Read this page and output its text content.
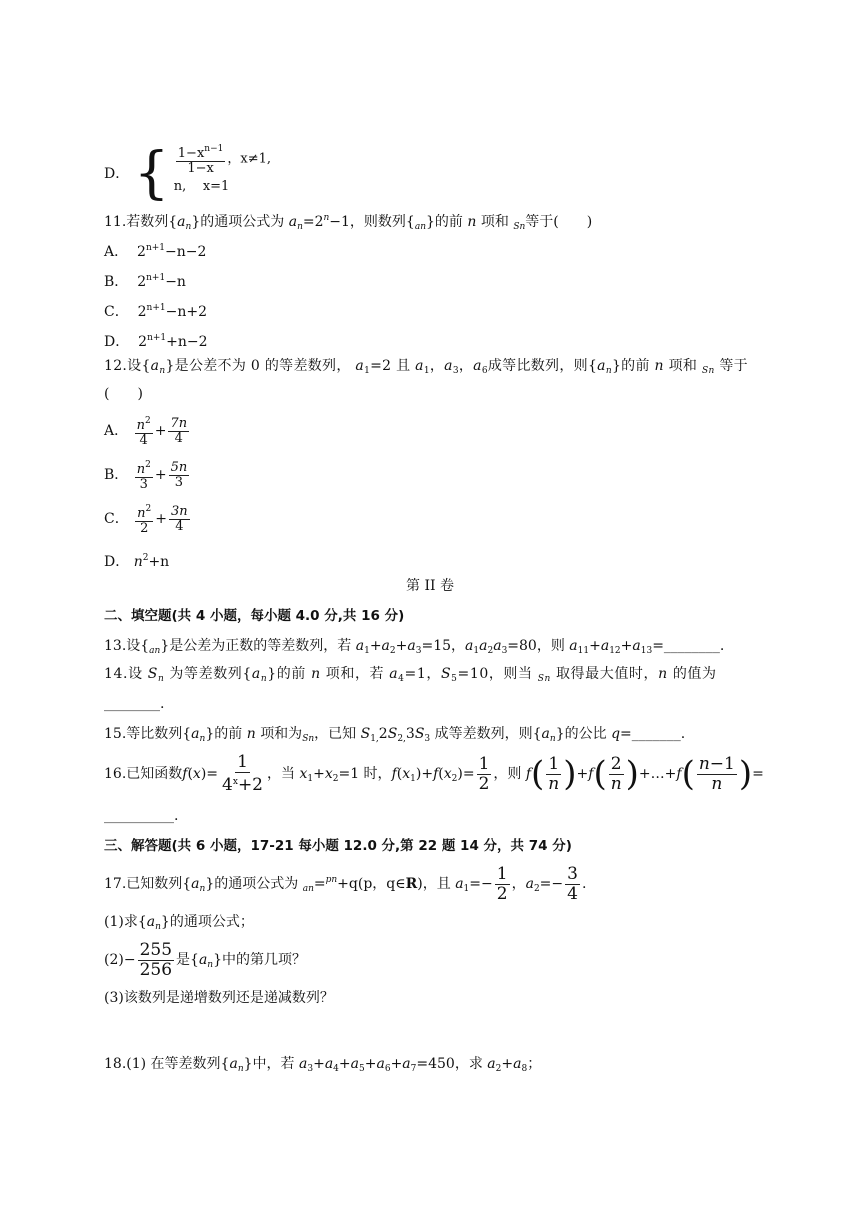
D． { $\frac{1-x^{n-1}}{1-x}$ ，x≠1,
n, x=1
11.若数列$\{a_n\}$的通项公式为 $a_n=2^n-1$，则数列$\{_{an}\}$的前 n 项和 $_{Sn}$等于(　　)
A． $2^{n+1}-n-2$
B． $2^{n+1}-n$
C． $2^{n+1}-n+2$
D． $2^{n+1}+n-2$
12.设$\{a_n\}$是公差不为 0 的等差数列， $a_1=2$ 且 $a_1$，$a_3$，$a_6$成等比数列，则$\{a_n\}$的前 n 项和 $_{Sn}$ 等于
(　　)
A． $\frac{n^2}{4} + \frac{7n}{4}$
B． $\frac{n^2}{3} + \frac{5n}{3}$
C． $\frac{n^2}{2} + \frac{3n}{4}$
D． $n^2+n$
第 II 卷
二、填空题(共 4 小题，每小题 4.0 分,共 16 分)
13.设$\{_{an}\}$是公差为正数的等差数列，若 $a_1+a_2+a_3=15$，$a_1a_2a_3=80$，则 $a_{11}+a_{12}+a_{13}=\_\_\_\_\_\_\_\_$.
14.设 $S_n$ 为等差数列$\{a_n\}$的前 n 项和，若 $a_4=1$，$S_5=10$，则当 $_{Sn}$ 取得最大值时，n 的值为
________.
15.等比数列$\{a_n\}$的前 n 项和为$_{Sn}$，已知 $S_{1,}2S_{2,}3S_3$ 成等差数列，则$\{a_n\}$的公比 q=_______.
16.已知函数$f(x)= \frac{1}{4^x+2}$ ，当 $x_1+x_2=1$ 时，$f(x_1)+f(x_2)= \frac{1}{2}$ ，则 $f( \frac{1}{n} )+f( \frac{2}{n}$ )+…+f( $\frac{n-1}{n}$ )=
__________.
三、解答题(共 6 小题，17-21 每小题 12.0 分,第 22 题 14 分，共 74 分)
17.已知数列$\{a_n\}$的通项公式为 $_{an}$=$^{pn}$+q(p，q∈R)，且 $a_1=- \frac{1}{2}$ ，$a_2=- \frac{3}{4}$ .
(1)求$\{a_n\}$的通项公式；
$(2)- \frac{255}{256}$ 是$\{a_n\}$中的第几项？
(3)该数列是递增数列还是递减数列？
18.(1) 在等差数列$\{a_n\}$中，若 $a_3+a_4+a_5+a_6+a_7=450$，求 $a_2+a_8$；
